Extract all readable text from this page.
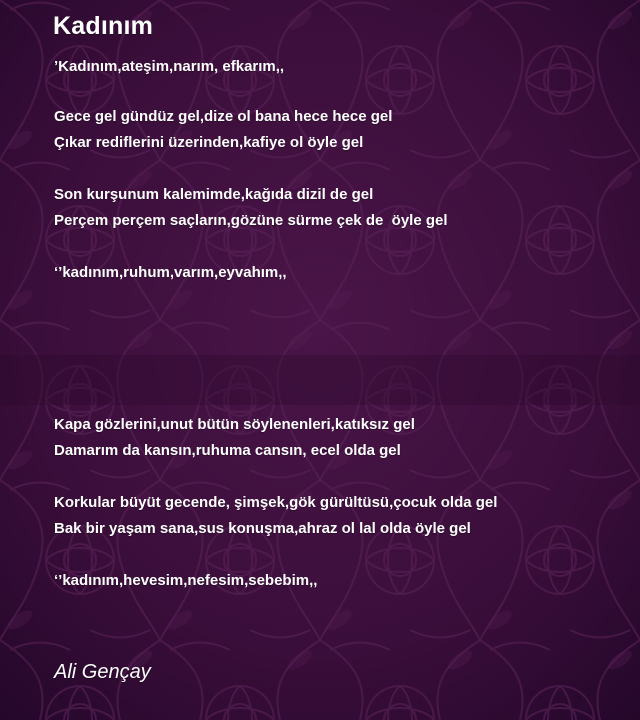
Kadınım

’Kadınım,ateşim,narım, efkarım,,

Gece gel gündüz gel,dize ol bana hece hece gel

Çıkar rediflerini üzerinden,kafiye ol öyle gel

Son kurşunum kalemimde,kağıda dizil de gel

Perçem perçem saçların,gözüne sürme çek de  öyle gel

‘’kadınım,ruhum,varım,eyvahım,,

Kapa gözlerini,unut bütün söylenenleri,katıksız gel

Damarım da kansın,ruhuma cansın, ecel olda gel

Korkular büyüt gecende, şimşek,gök gürültüsü,çocuk olda gel

Bak bir yaşam sana,sus konuşma,ahraz ol lal olda öyle gel

‘’kadınım,hevesim,nefesim,sebebim,,

Ali Gençay
